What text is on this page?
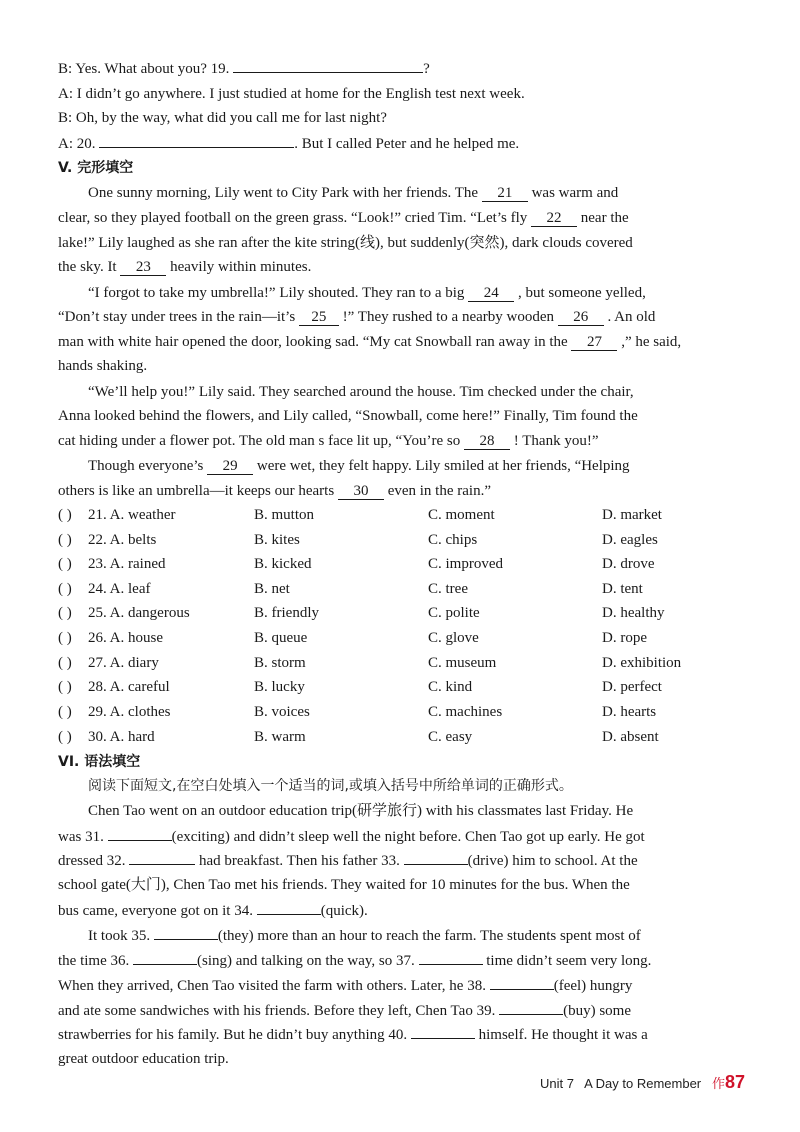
B: Yes. What about you? 19.	?
A: I didn’t go anywhere. I just studied at home for the English test next week.
B: Oh, by the way, what did you call me for last night?
A: 20.	. But I called Peter and he helped me.
V. 完形填空
One sunny morning, Lily went to City Park with her friends. The 21 was warm and
clear, so they played football on the green grass. “Look!” cried Tim. “Let’s fly 22 near the
lake!” Lily laughed as she ran after the kite string(线), but suddenly(突然), dark clouds covered
the sky. It 23 heavily within minutes.
“I forgot to take my umbrella!” Lily shouted. They ran to a big 24 , but someone yelled,
“Don’t stay under trees in the rain—it’s 25 !” They rushed to a nearby wooden 26 . An old
man with white hair opened the door, looking sad. “My cat Snowball ran away in the 27 ,” he said,
hands shaking.
“We’ll help you!” Lily said. They searched around the house. Tim checked under the chair,
Anna looked behind the flowers, and Lily called, “Snowball, come here!” Finally, Tim found the
cat hiding under a flower pot. The old man s face lit up, “You’re so 28 ! Thank you!”
Though everyone’s 29 were wet, they felt happy. Lily smiled at her friends, “Helping
others is like an umbrella—it keeps our hearts 30 even in the rain.”
( ) 21. A. weather	B. mutton	C. moment	D. market
( ) 22. A. belts	B. kites	C. chips	D. eagles
( ) 23. A. rained	B. kicked	C. improved	D. drove
( ) 24. A. leaf	B. net	C. tree	D. tent
( ) 25. A. dangerous	B. friendly	C. polite	D. healthy
( ) 26. A. house	B. queue	C. glove	D. rope
( ) 27. A. diary	B. storm	C. museum	D. exhibition
( ) 28. A. careful	B. lucky	C. kind	D. perfect
( ) 29. A. clothes	B. voices	C. machines	D. hearts
( ) 30. A. hard	B. warm	C. easy	D. absent
VI. 语法填空
阅读下面短文,在空白处填入一个适当的词,或填入括号中所给单词的正确形式。
Chen Tao went on an outdoor education trip(研学旅行) with his classmates last Friday. He
was 31.	(exciting) and didn’t sleep well the night before. Chen Tao got up early. He got
dressed 32.	had breakfast. Then his father 33.	(drive) him to school. At the
school gate(大门), Chen Tao met his friends. They waited for 10 minutes for the bus. When the
bus came, everyone got on it 34.	(quick).
It took 35.	(they) more than an hour to reach the farm. The students spent most of
the time 36.	(sing) and talking on the way, so 37.	time didn’t seem very long.
When they arrived, Chen Tao visited the farm with others. Later, he 38.	(feel) hungry
and ate some sandwiches with his friends. Before they left, Chen Tao 39.	(buy) some
strawberries for his family. But he didn’t buy anything 40.	himself. He thought it was a
great outdoor education trip.
Unit 7 A Day to Remember 作87
